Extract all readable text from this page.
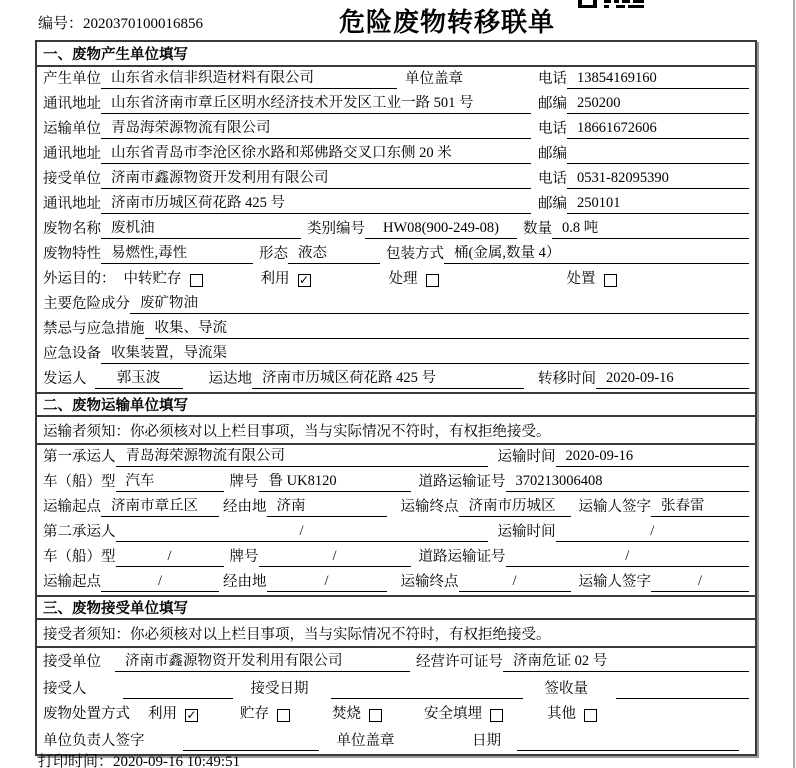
编号：2020370100016856	危险废物转移联单
一、废物产生单位填写
产生单位 山东省永信非织造材料有限公司	单位盖章	电话 13854169160
通讯地址 山东省济南市章丘区明水经济技术开发区工业一路 501 号	邮编 250200
运输单位 青岛海荣源物流有限公司	电话 18661672606
通讯地址 山东省青岛市李沧区徐水路和郑佛路交叉口东侧 20 米	邮编
接受单位 济南市鑫源物资开发利用有限公司	电话 0531-82095390
通讯地址 济南市历城区荷花路 425 号	邮编 250101
废物名称 废机油	类别编号	HW08(900-249-08)	数量 0.8 吨
废物特性 易燃性,毒性	形态 液态	包装方式 桶(金属,数量 4）
外运目的： 中转贮存	利用 ✓	处理	处置
主要危险成分 废矿物油
禁忌与应急措施 收集、导流
应急设备 收集装置，导流渠
发运人	郭玉波	运达地 济南市历城区荷花路 425 号	转移时间 2020-09-16
二、废物运输单位填写
运输者须知：你必须核对以上栏目事项，当与实际情况不符时，有权拒绝接受。
第一承运人 青岛海荣源物流有限公司	运输时间 2020-09-16
车（船）型 汽车	牌号 鲁 UK8120	道路运输证号 370213006408
运输起点 济南市章丘区	经由地 济南	运输终点 济南市历城区	运输人签字 张春雷
第二承运人	/	运输时间	/
车（船）型	/	牌号	/	道路运输证号	/
运输起点	/	经由地	/	运输终点	/	运输人签字	/
三、废物接受单位填写
接受者须知：你必须核对以上栏目事项，当与实际情况不符时，有权拒绝接受。
接受单位	济南市鑫源物资开发利用有限公司	经营许可证号 济南危证 02 号
接受人	接受日期	签收量
废物处置方式 利用 ✓	贮存	焚烧	安全填埋	其他
单位负责人签字	单位盖章	日期
打印时间：2020-09-16 10:49:51
